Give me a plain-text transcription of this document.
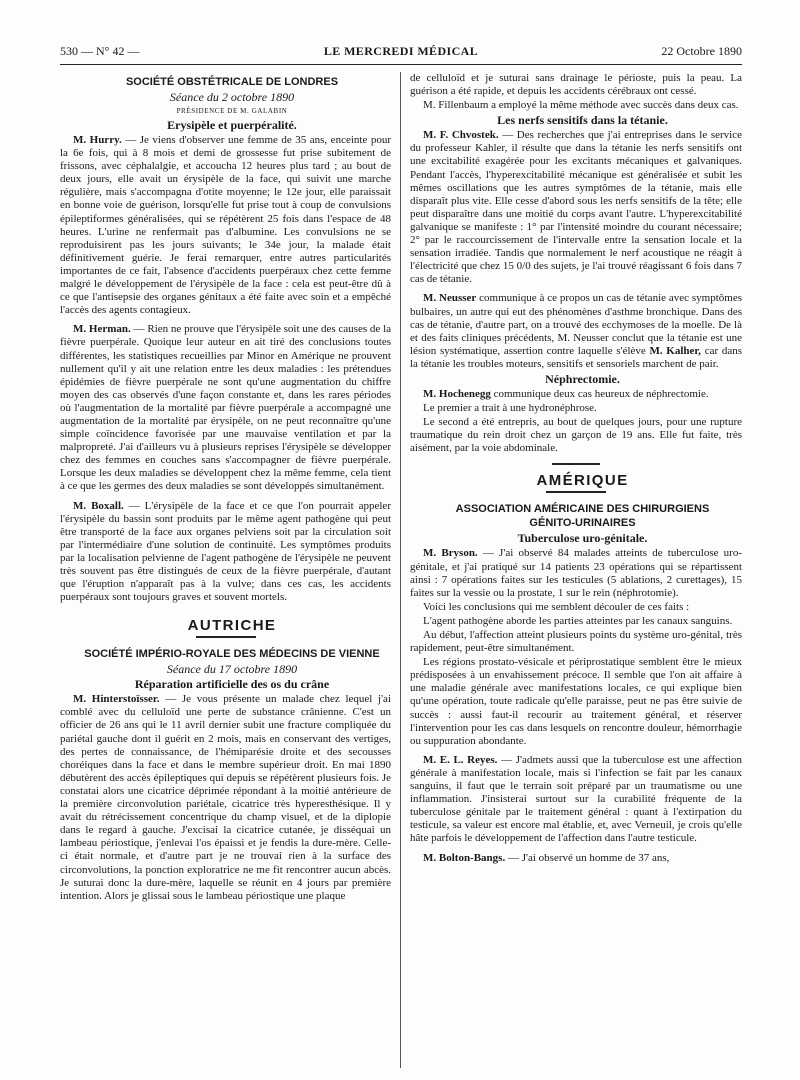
530 — N° 42 —	LE MERCREDI MÉDICAL	22 Octobre 1890

SOCIÉTÉ OBSTÉTRICALE DE LONDRES

Séance du 2 octobre 1890

PRÉSIDENCE DE M. GALABIN

Erysipèle et puerpéralité.

M. Hurry. — Je viens d'observer une femme de 35 ans, enceinte pour la 6e fois, qui à 8 mois et demi de grossesse fut prise subitement de frissons, avec céphalalgie, et accoucha 12 heures plus tard ; au bout de deux jours, elle avait un érysipèle de la face, qui suivit une marche régulière, mais s'accompagna d'otite moyenne; le 12e jour, elle paraissait en bonne voie de guérison, lorsqu'elle fut prise tout à coup de convulsions épileptiformes généralisées, qui se répétèrent 25 fois dans l'espace de 48 heures. L'urine ne renfermait pas d'albumine. Les convulsions ne se reproduisirent pas les jours suivants; le 34e jour, la malade était définitivement guérie. Je ferai remarquer, entre autres particularités importantes de ce fait, l'absence d'accidents puerpéraux chez cette femme malgré le développement de l'érysipèle de la face : cela est peut-être dû à ce que l'antisepsie des organes génitaux a été faite avec soin et a empêché l'accès des agents contagieux.

M. Herman. — Rien ne prouve que l'érysipèle soit une des causes de la fièvre puerpérale. Quoique leur auteur en ait tiré des conclusions toutes différentes, les statistiques recueillies par Minor en Amérique ne prouvent nullement qu'il y ait une relation entre les deux maladies : les prétendues épidémies de fièvre puerpérale ne sont qu'une augmentation du chiffre moyen des cas observés d'une façon constante et, dans les rares périodes où l'augmentation de la mortalité par fièvre puerpérale a accompagné une augmentation de la mortalité par érysipèle, on ne peut reconnaître qu'une simple coïncidence favorisée par une mauvaise ventilation et par la malpropreté. J'ai d'ailleurs vu à plusieurs reprises l'érysipèle se développer chez des femmes en couches sans s'accompagner de fièvre puerpérale. Lorsque les deux maladies se développent chez la même femme, cela tient à ce que les germes des deux maladies se sont développés simultanément.

M. Boxall. — L'érysipèle de la face et ce que l'on pourrait appeler l'érysipèle du bassin sont produits par le même agent pathogène qui peut être transporté de la face aux organes pelviens soit par la circulation soit par l'intermédiaire d'une solution de continuité. Les symptômes produits par la localisation pelvienne de l'agent pathogène de l'érysipèle ne peuvent très souvent pas être distingués de ceux de la fièvre puerpérale, d'autant que l'éruption n'apparaît pas à la vulve; dans ces cas, les accidents puerpéraux sont toujours graves et souvent mortels.

AUTRICHE

SOCIÉTÉ IMPÉRIO-ROYALE DES MÉDECINS DE VIENNE

Séance du 17 octobre 1890

Réparation artificielle des os du crâne

M. Hinterstoïsser. — Je vous présente un malade chez lequel j'ai comblé avec du celluloïd une perte de substance crânienne. C'est un officier de 26 ans qui le 11 avril dernier subit une fracture compliquée du pariétal gauche dont il guérit en 2 mois, mais en conservant des vertiges, des pertes de connaissance, de l'hémiparésie droite et des secousses choréiques dans la face et dans le membre supérieur droit. En mai 1890 débutèrent des accès épileptiques qui depuis se répétèrent plusieurs fois. Je constatai alors une cicatrice déprimée répondant à la moitié antérieure de la première circonvolution pariétale, cicatrice très hyperesthésique. Il y avait du rétrécissement concentrique du champ visuel, et de la diplopie dans le regard à gauche. J'excisai la cicatrice cutanée, je disséquai un lambeau périostique, j'enlevai l'os épaissi et je fendis la dure-mère. Celle-ci était normale, et d'autre part je ne trouvai rien à la surface des circonvolutions, la ponction exploratrice ne me fit rencontrer aucun abcès. Je suturai donc la dure-mère, laquelle se réunit en 4 jours par première intention. Alors je glissai sous le lambeau périostique une plaque

de celluloïd et je suturai sans drainage le périoste, puis la peau. La guérison a été rapide, et depuis les accidents cérébraux ont cessé.

M. Fillenbaum a employé la même méthode avec succès dans deux cas.

Les nerfs sensitifs dans la tétanie.

M. F. Chvostek. — Des recherches que j'ai entreprises dans le service du professeur Kahler, il résulte que dans la tétanie les nerfs sensitifs ont une excitabilité exagérée pour les excitants mécaniques et galvaniques. Pendant l'accès, l'hyperexcitabilité mécanique est généralisée et subit les mêmes oscillations que les autres symptômes de la tétanie, mais elle disparaît plus vite. Elle cesse d'abord sous les nerfs sensitifs de la tête; elle peut disparaître dans une moitié du corps avant l'autre. L'hyperexcitabilité galvanique se manifeste : 1° par l'intensité moindre du courant nécessaire; 2° par le raccourcissement de l'intervalle entre la sensation locale et la sensation irradiée. Tandis que normalement le nerf acoustique ne réagit à l'électricité que chez 15 0/0 des sujets, je l'ai trouvé réagissant 6 fois dans 7 cas de tétanie.

M. Neusser communique à ce propos un cas de tétanie avec symptômes bulbaires, un autre qui eut des phénomènes d'asthme bronchique. Dans des cas de tétanie, d'autre part, on a trouvé des ecchymoses de la moelle. De là et des faits cliniques précédents, M. Neusser conclut que la tétanie est une lésion systématique, assertion contre laquelle s'élève M. Kalher, car dans la tétanie les troubles moteurs, sensitifs et sensoriels marchent de pair.

Néphrectomie.

M. Hochenegg communique deux cas heureux de néphrectomie.

Le premier a trait à une hydronéphrose.

Le second a été entrepris, au bout de quelques jours, pour une rupture traumatique du rein droit chez un garçon de 19 ans. Elle fut faite, très aisément, par la voie abdominale.

AMÉRIQUE

ASSOCIATION AMÉRICAINE DES CHIRURGIENS

GÉNITO-URINAIRES

Tuberculose uro-génitale.

M. Bryson. — J'ai observé 84 malades atteints de tuberculose uro-génitale, et j'ai pratiqué sur 14 patients 23 opérations qui se répartissent ainsi : 7 opérations faites sur les testicules (5 ablations, 2 curettages), 15 faites sur la vessie ou la prostate, 1 sur le rein (néphrotomie).

Voici les conclusions qui me semblent découler de ces faits :

L'agent pathogène aborde les parties atteintes par les canaux sanguins.

Au début, l'affection atteint plusieurs points du système uro-génital, très rapidement, peut-être simultanément.

Les régions prostato-vésicale et périprostatique semblent être le mieux prédisposées à un envahissement précoce. Il semble que l'on ait affaire à une maladie générale avec manifestations locales, ce qui explique bien qu'une opération, toute radicale qu'elle paraisse, peut ne pas être suivie de succès : aussi faut-il recourir au traitement général, et réserver l'intervention pour les cas dans lesquels on rencontre douleur, hémorrhagie ou suppuration abondante.

M. E. L. Reyes. — J'admets aussi que la tuberculose est une affection générale à manifestation locale, mais si l'infection se fait par les canaux sanguins, il faut que le terrain soit préparé par un traumatisme ou une inflammation. J'insisterai surtout sur la curabilité fréquente de la tuberculose génitale par le traitement général : quant à l'extirpation du testicule, sa valeur est encore mal établie, et, avec Verneuil, je crois qu'elle hâte parfois le développement de l'affection dans l'autre testicule.

M. Bolton-Bangs. — J'ai observé un homme de 37 ans,
